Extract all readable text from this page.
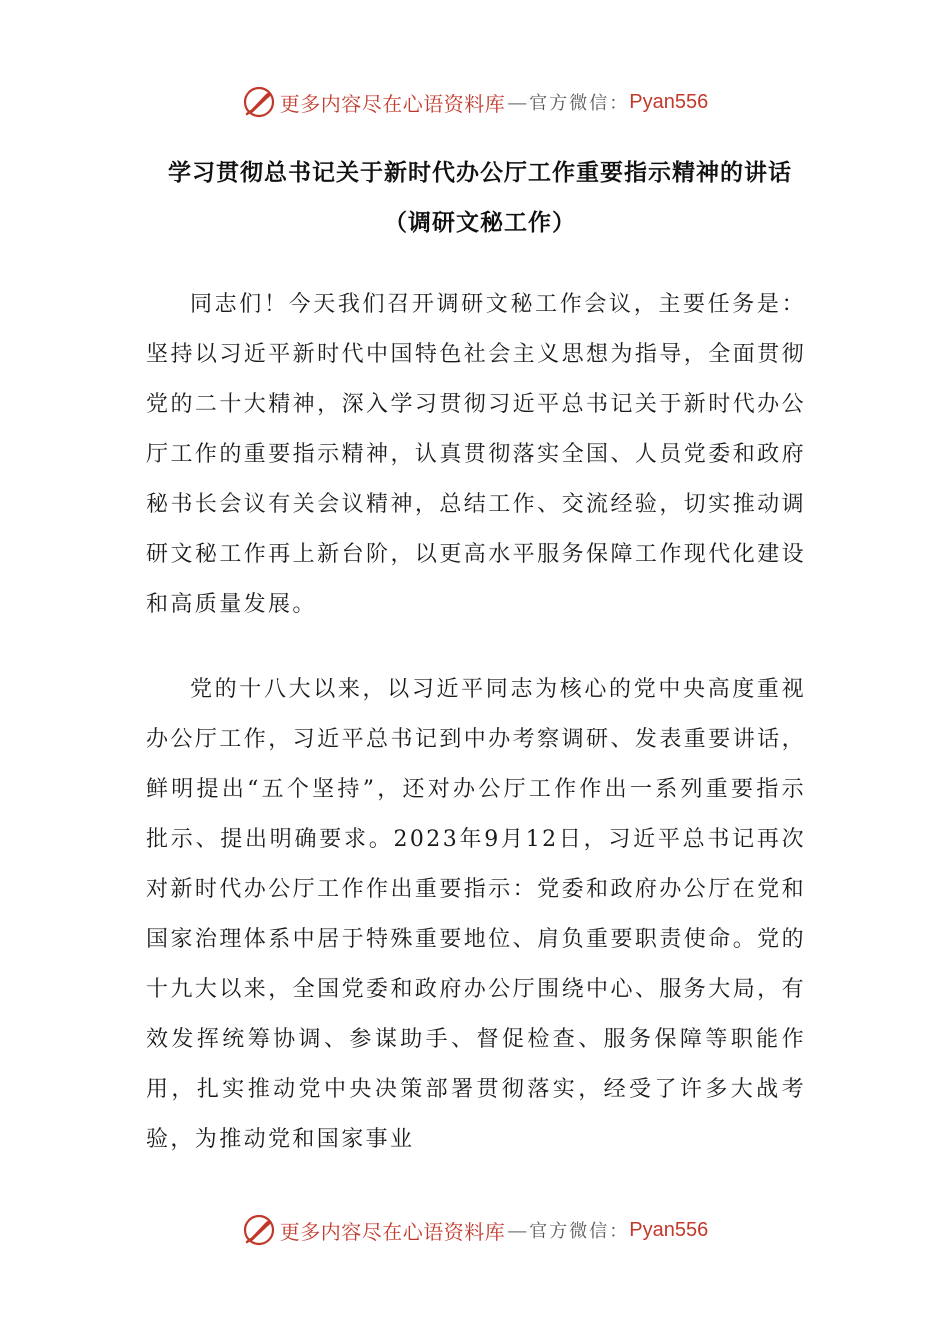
更多内容尽在心语资料库 — 官方微信： Pyan556
学习贯彻总书记关于新时代办公厅工作重要指示精神的讲话（调研文秘工作）

同志们！今天我们召开调研文秘工作会议，主要任务是：坚持以习近平新时代中国特色社会主义思想为指导，全面贯彻党的二十大精神，深入学习贯彻习近平总书记关于新时代办公厅工作的重要指示精神，认真贯彻落实全国、人员党委和政府秘书长会议有关会议精神，总结工作、交流经验，切实推动调研文秘工作再上新台阶，以更高水平服务保障工作现代化建设和高质量发展。

党的十八大以来，以习近平同志为核心的党中央高度重视办公厅工作，习近平总书记到中办考察调研、发表重要讲话，鲜明提出“五个坚持”，还对办公厅工作作出一系列重要指示批示、提出明确要求。2023年9月12日，习近平总书记再次对新时代办公厅工作作出重要指示：党委和政府办公厅在党和国家治理体系中居于特殊重要地位、肩负重要职责使命。党的十九大以来，全国党委和政府办公厅围绕中心、服务大局，有效发挥统筹协调、参谋助手、督促检查、服务保障等职能作用，扎实推动党中央决策部署贯彻落实，经受了许多大战考验，为推动党和国家事业

更多内容尽在心语资料库 — 官方微信： Pyan556
